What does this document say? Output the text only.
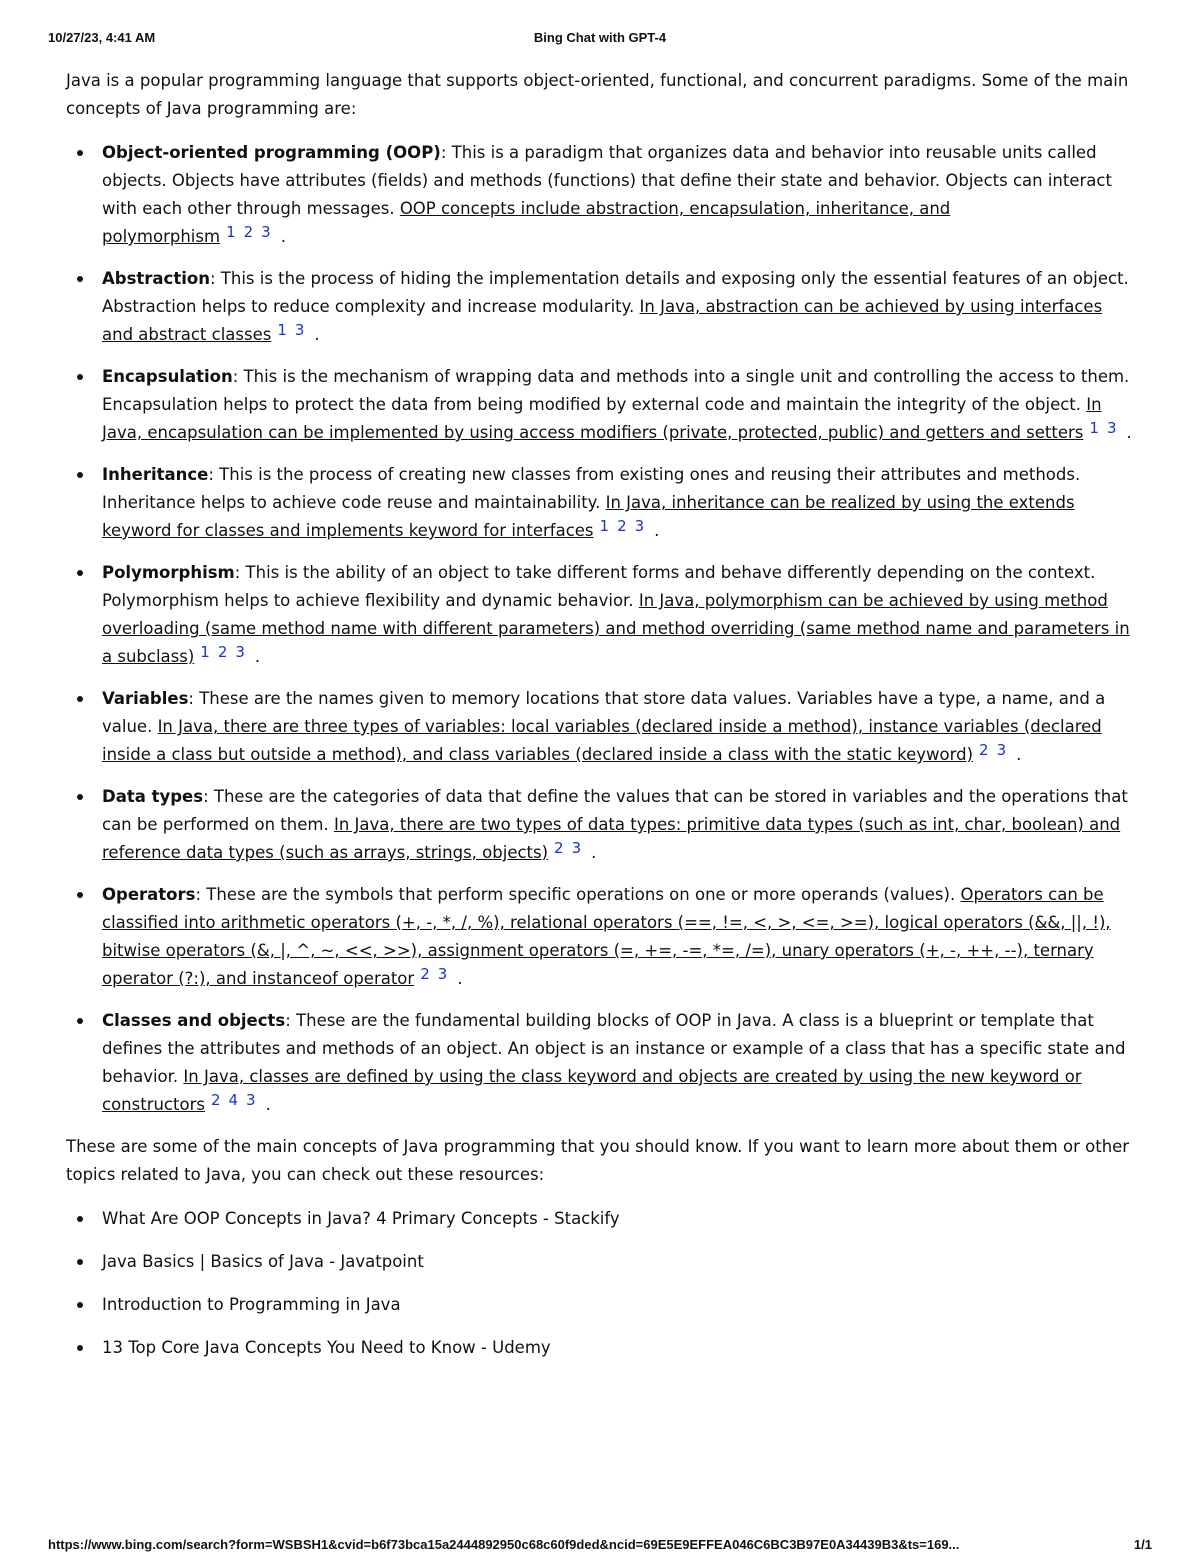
10/27/23, 4:41 AM	Bing Chat with GPT-4

Java is a popular programming language that supports object-oriented, functional, and concurrent paradigms. Some of the main concepts of Java programming are:

Object-oriented programming (OOP): This is a paradigm that organizes data and behavior into reusable units called objects. Objects have attributes (fields) and methods (functions) that define their state and behavior. Objects can interact with each other through messages. OOP concepts include abstraction, encapsulation, inheritance, and polymorphism 1 2 3 .
Abstraction: This is the process of hiding the implementation details and exposing only the essential features of an object. Abstraction helps to reduce complexity and increase modularity. In Java, abstraction can be achieved by using interfaces and abstract classes 1 3 .
Encapsulation: This is the mechanism of wrapping data and methods into a single unit and controlling the access to them. Encapsulation helps to protect the data from being modified by external code and maintain the integrity of the object. In Java, encapsulation can be implemented by using access modifiers (private, protected, public) and getters and setters 1 3 .
Inheritance: This is the process of creating new classes from existing ones and reusing their attributes and methods. Inheritance helps to achieve code reuse and maintainability. In Java, inheritance can be realized by using the extends keyword for classes and implements keyword for interfaces 1 2 3 .
Polymorphism: This is the ability of an object to take different forms and behave differently depending on the context. Polymorphism helps to achieve flexibility and dynamic behavior. In Java, polymorphism can be achieved by using method overloading (same method name with different parameters) and method overriding (same method name and parameters in a subclass) 1 2 3 .
Variables: These are the names given to memory locations that store data values. Variables have a type, a name, and a value. In Java, there are three types of variables: local variables (declared inside a method), instance variables (declared inside a class but outside a method), and class variables (declared inside a class with the static keyword) 2 3 .
Data types: These are the categories of data that define the values that can be stored in variables and the operations that can be performed on them. In Java, there are two types of data types: primitive data types (such as int, char, boolean) and reference data types (such as arrays, strings, objects) 2 3 .
Operators: These are the symbols that perform specific operations on one or more operands (values). Operators can be classified into arithmetic operators (+, -, *, /, %), relational operators (==, !=, <, >, <=, >=), logical operators (&&, ||, !), bitwise operators (&, |, ^, ~, <<, >>), assignment operators (=, +=, -=, *=, /=), unary operators (+, -, ++, --), ternary operator (?:), and instanceof operator 2 3 .
Classes and objects: These are the fundamental building blocks of OOP in Java. A class is a blueprint or template that defines the attributes and methods of an object. An object is an instance or example of a class that has a specific state and behavior. In Java, classes are defined by using the class keyword and objects are created by using the new keyword or constructors 2 4 3 .

These are some of the main concepts of Java programming that you should know. If you want to learn more about them or other topics related to Java, you can check out these resources:

What Are OOP Concepts in Java? 4 Primary Concepts - Stackify
Java Basics | Basics of Java - Javatpoint
Introduction to Programming in Java
13 Top Core Java Concepts You Need to Know - Udemy
https://www.bing.com/search?form=WSBSH1&cvid=b6f73bca15a2444892950c68c60f9ded&ncid=69E5E9EFFEA046C6BC3B97E0A34439B3&ts=169...	1/1
